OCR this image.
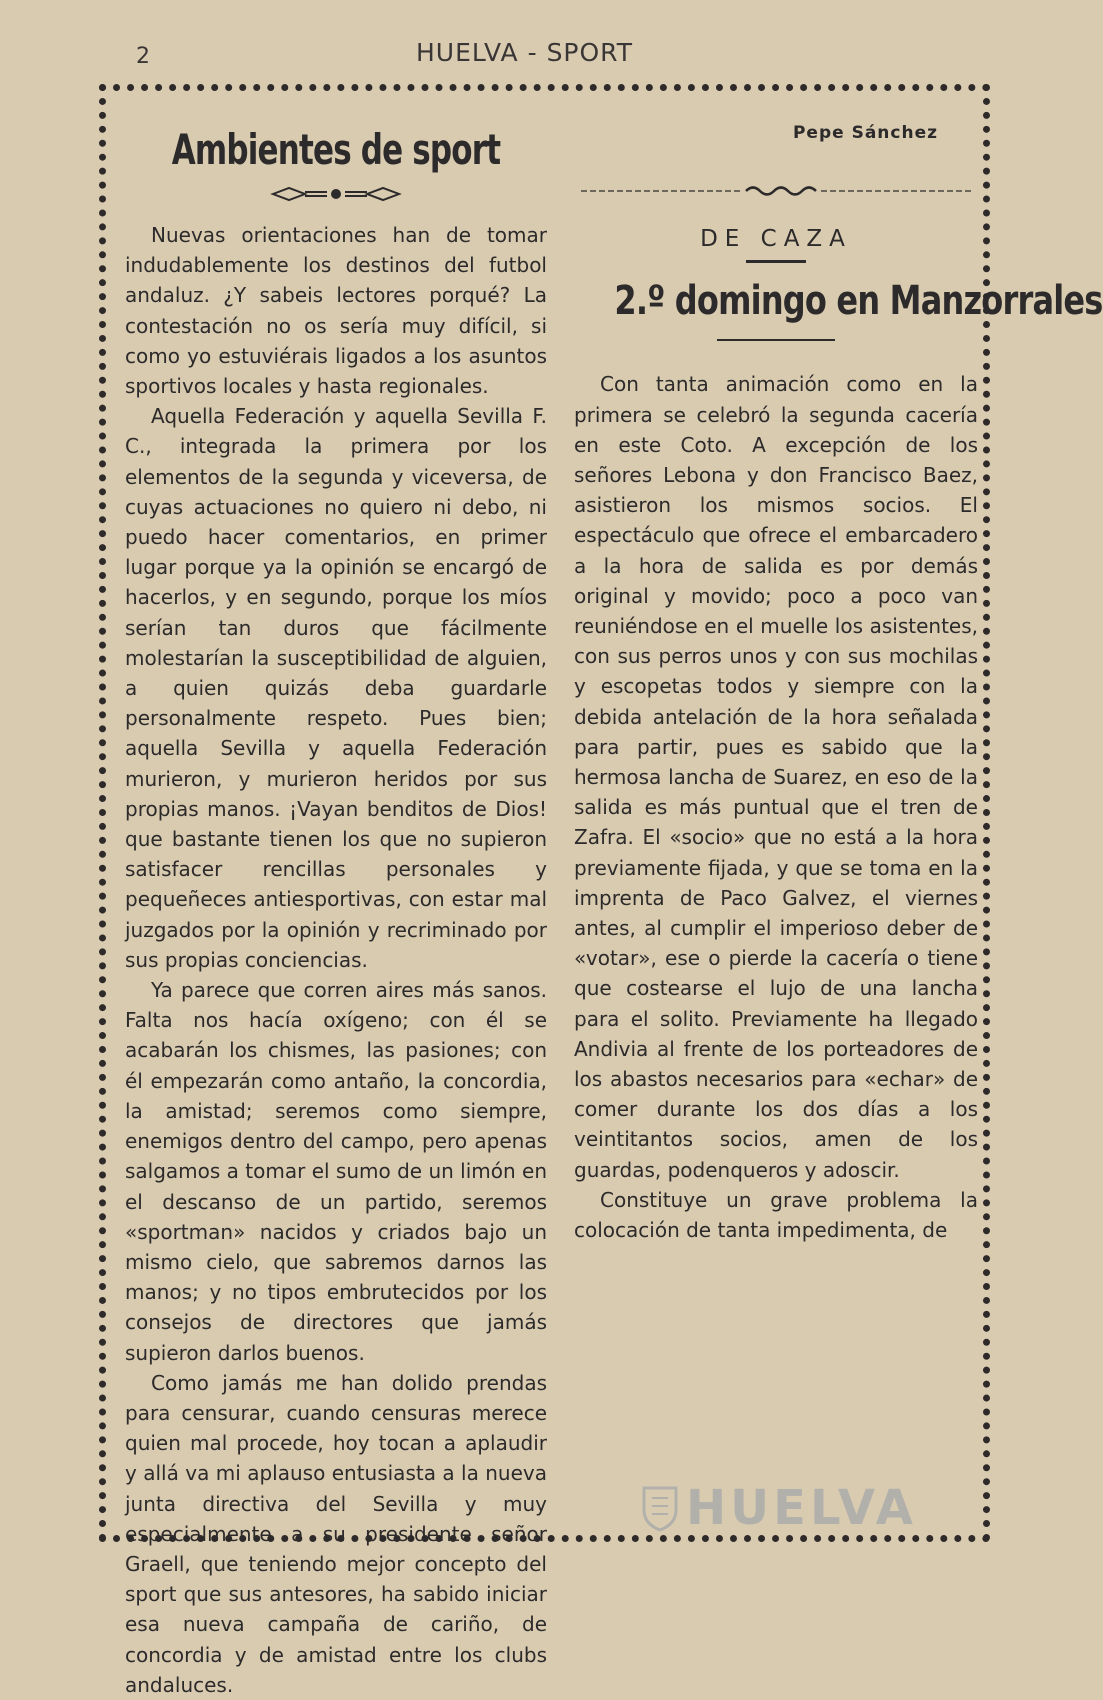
2	HUELVA - SPORT
Ambientes de sport

Nuevas orientaciones han de tomar indudablemente los destinos del futbol andaluz. ¿Y sabeis lectores porqué? La contestación no os sería muy difícil, si como yo estuviérais ligados a los asuntos sportivos locales y hasta regionales.

Aquella Federación y aquella Sevilla F. C., integrada la primera por los elementos de la segunda y viceversa, de cuyas actuaciones no quiero ni debo, ni puedo hacer comentarios, en primer lugar porque ya la opinión se encargó de hacerlos, y en segundo, porque los míos serían tan duros que fácilmente molestarían la susceptibilidad de alguien, a quien quizás deba guardarle personalmente respeto. Pues bien; aquella Sevilla y aquella Federación murieron, y murieron heridos por sus propias manos. ¡Vayan benditos de Dios! que bastante tienen los que no supieron satisfacer rencillas personales y pequeñeces antiesportivas, con estar mal juzgados por la opinión y recriminado por sus propias conciencias.

Ya parece que corren aires más sanos. Falta nos hacía oxígeno; con él se acabarán los chismes, las pasiones; con él empezarán como antaño, la concordia, la amistad; seremos como siempre, enemigos dentro del campo, pero apenas salgamos a tomar el sumo de un limón en el descanso de un partido, seremos «sportman» nacidos y criados bajo un mismo cielo, que sabremos darnos las manos; y no tipos embrutecidos por los consejos de directores que jamás supieron darlos buenos.

Como jamás me han dolido prendas para censurar, cuando censuras merece quien mal procede, hoy tocan a aplaudir y allá va mi aplauso entusiasta a la nueva junta directiva del Sevilla y muy especialmente a su presidente señor Graell, que teniendo mejor concepto del sport que sus antesores, ha sabido iniciar esa nueva campaña de cariño, de concordia y de amistad entre los clubs andaluces.

Pepe Sánchez
DE CAZA
2.º domingo en Manzorrales

Con tanta animación como en la primera se celebró la segunda cacería en este Coto. A excepción de los señores Lebona y don Francisco Baez, asistieron los mismos socios. El espectáculo que ofrece el embarcadero a la hora de salida es por demás original y movido; poco a poco van reuniéndose en el muelle los asistentes, con sus perros unos y con sus mochilas y escopetas todos y siempre con la debida antelación de la hora señalada para partir, pues es sabido que la hermosa lancha de Suarez, en eso de la salida es más puntual que el tren de Zafra. El «socio» que no está a la hora previamente fijada, y que se toma en la imprenta de Paco Galvez, el viernes antes, al cumplir el imperioso deber de «votar», ese o pierde la cacería o tiene que costearse el lujo de una lancha para el solito. Previamente ha llegado Andivia al frente de los porteadores de los abastos necesarios para «echar» de comer durante los dos días a los veintitantos socios, amen de los guardas, podenqueros y adoscir.

Constituye un grave problema la colocación de tanta impedimenta, de

HUELVA
